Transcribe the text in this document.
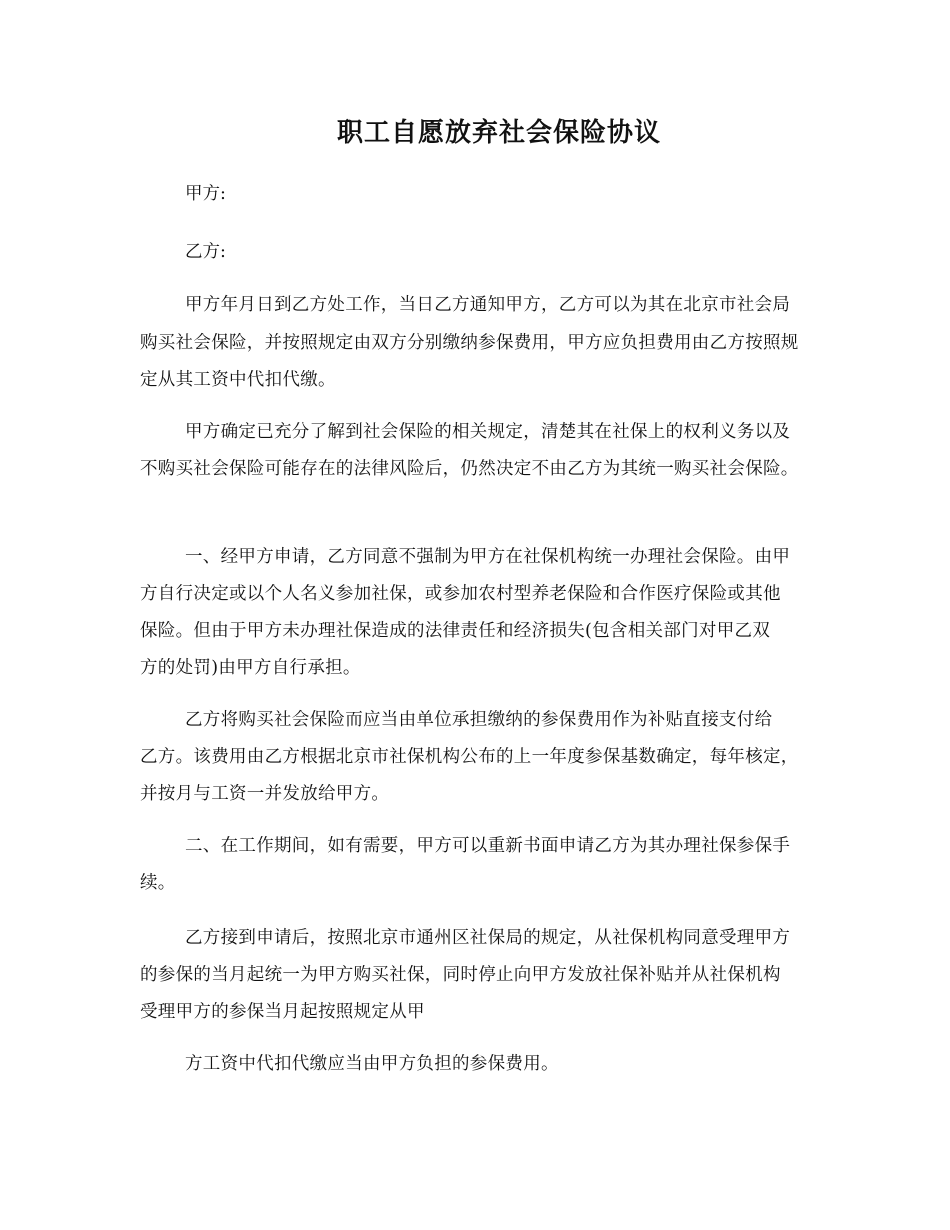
职工自愿放弃社会保险协议

甲方:

乙方:

甲方年月日到乙方处工作，当日乙方通知甲方，乙方可以为其在北京市社会局

购买社会保险，并按照规定由双方分别缴纳参保费用，甲方应负担费用由乙方按照规

定从其工资中代扣代缴。

甲方确定已充分了解到社会保险的相关规定，清楚其在社保上的权利义务以及

不购买社会保险可能存在的法律风险后，仍然决定不由乙方为其统一购买社会保险。

一、经甲方申请，乙方同意不强制为甲方在社保机构统一办理社会保险。由甲

方自行决定或以个人名义参加社保，或参加农村型养老保险和合作医疗保险或其他

保险。但由于甲方未办理社保造成的法律责任和经济损失(包含相关部门对甲乙双

方的处罚)由甲方自行承担。

乙方将购买社会保险而应当由单位承担缴纳的参保费用作为补贴直接支付给

乙方。该费用由乙方根据北京市社保机构公布的上一年度参保基数确定，每年核定，

并按月与工资一并发放给甲方。

二、在工作期间，如有需要，甲方可以重新书面申请乙方为其办理社保参保手

续。

乙方接到申请后，按照北京市通州区社保局的规定，从社保机构同意受理甲方

的参保的当月起统一为甲方购买社保，同时停止向甲方发放社保补贴并从社保机构

受理甲方的参保当月起按照规定从甲

方工资中代扣代缴应当由甲方负担的参保费用。
